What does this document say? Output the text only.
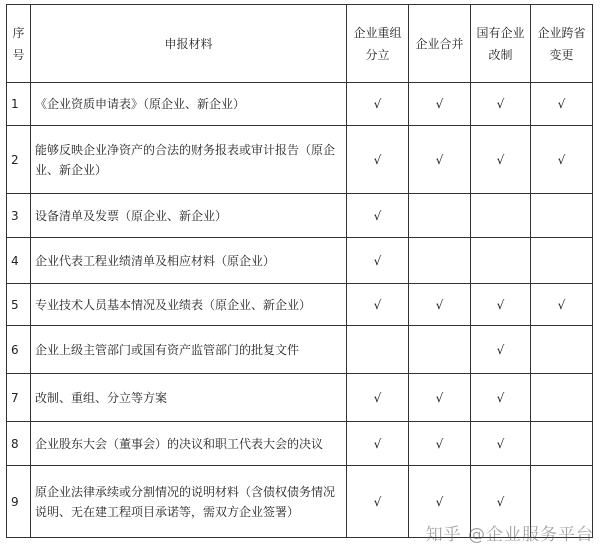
序号	申报材料	企业重组分立	企业合并	国有企业改制	企业跨省变更
1	《企业资质申请表》（原企业、新企业）	√	√	√	√
2	能够反映企业净资产的合法的财务报表或审计报告（原企业、新企业）	√	√	√	√
3	设备清单及发票（原企业、新企业）	√			
4	企业代表工程业绩清单及相应材料（原企业）	√			
5	专业技术人员基本情况及业绩表（原企业、新企业）	√	√	√	√
6	企业上级主管部门或国有资产监管部门的批复文件			√	
7	改制、重组、分立等方案	√	√	√	
8	企业股东大会（董事会）的决议和职工代表大会的决议	√	√	√	
9	原企业法律承续或分割情况的说明材料（含债权债务情况说明、无在建工程项目承诺等，需双方企业签署）	√	√	√	
知乎 @企业服务平台
